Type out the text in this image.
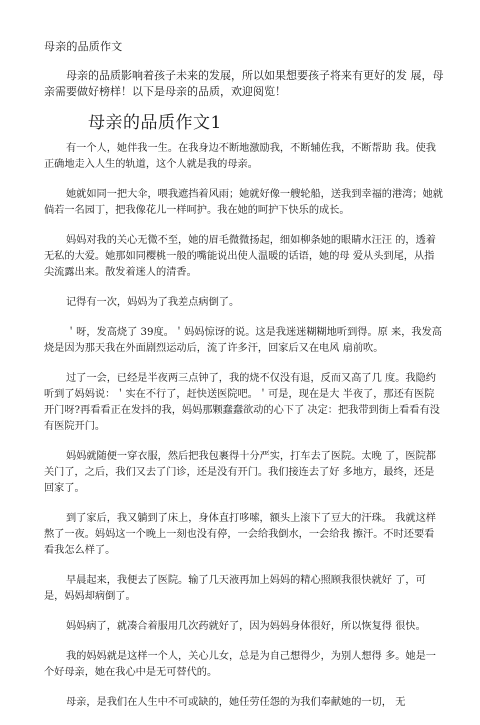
母亲的品质作文
母亲的品质影响着孩子未来的发展，所以如果想要孩子将来有更好的发 展，母亲需要做好榜样！以下是母亲的品质，欢迎阅览！
母亲的品质作文1

有一个人，她伴我一生。在我身边不断地激励我，不断辅佐我，不断帮助 我。使我正确地走入人生的轨道，这个人就是我的母亲。

她就如同一把大伞，喂我遮挡着风雨；她就好像一艘轮船，送我到幸福的港湾；她就倘若一名园丁，把我像花儿一样呵护。我在她的呵护下快乐的成长。

妈妈对我的关心无微不至，她的眉毛微微扬起，细如柳条她的眼睛水汪汪 的，透着无私的大爱。她那如同樱桃一般的嘴能说出使人温暖的话语，她的母 爱从头到尾，从指尖流露出来。散发着迷人的清香。

记得有一次，妈妈为了我差点病倒了。

＇呀，发高烧了 39度。＇妈妈惊讶的说。这是我迷迷糊糊地听到得。原 来，我发高烧是因为那天我在外面剧烈运动后，流了许多汗，回家后又在电风 扇前吹。

过了一会，已经是半夜两三点钟了，我的烧不仅没有退，反而又高了几 度。我隐约听到了妈妈说：＇实在不行了，赶快送医院吧。＇可是，现在是大 半夜了，那还有医院开门呀?再看看正在发抖的我，妈妈那颗蠢蠢欲动的心下了 决定：把我带到街上看看有没有医院开门。

妈妈就随便一穿衣服，然后把我包裹得十分严实，打车去了医院。太晚 了，医院都关门了，之后，我们又去了门诊，还是没有开门。我们接连去了好 多地方，最终，还是回家了。

到了家后，我又躺到了床上，身体直打哆嗦，额头上滚下了豆大的汗珠。 我就这样熬了一夜。妈妈这一个晚上一刻也没有停，一会给我倒水，一会给我 擦汗。不时还要看看我怎么样了。

早晨起来，我便去了医院。输了几天液再加上妈妈的精心照顾我很快就好 了，可是，妈妈却病倒了。

妈妈病了，就凑合着服用几次药就好了，因为妈妈身体很好，所以恢复得 很快。

我的妈妈就是这样一个人，关心儿女，总是为自己想得少，为别人想得 多。她是一个好母亲，她在我心中是无可替代的。

母亲，是我们在人生中不可或缺的，她任劳任怨的为我们奉献她的一切， 无
